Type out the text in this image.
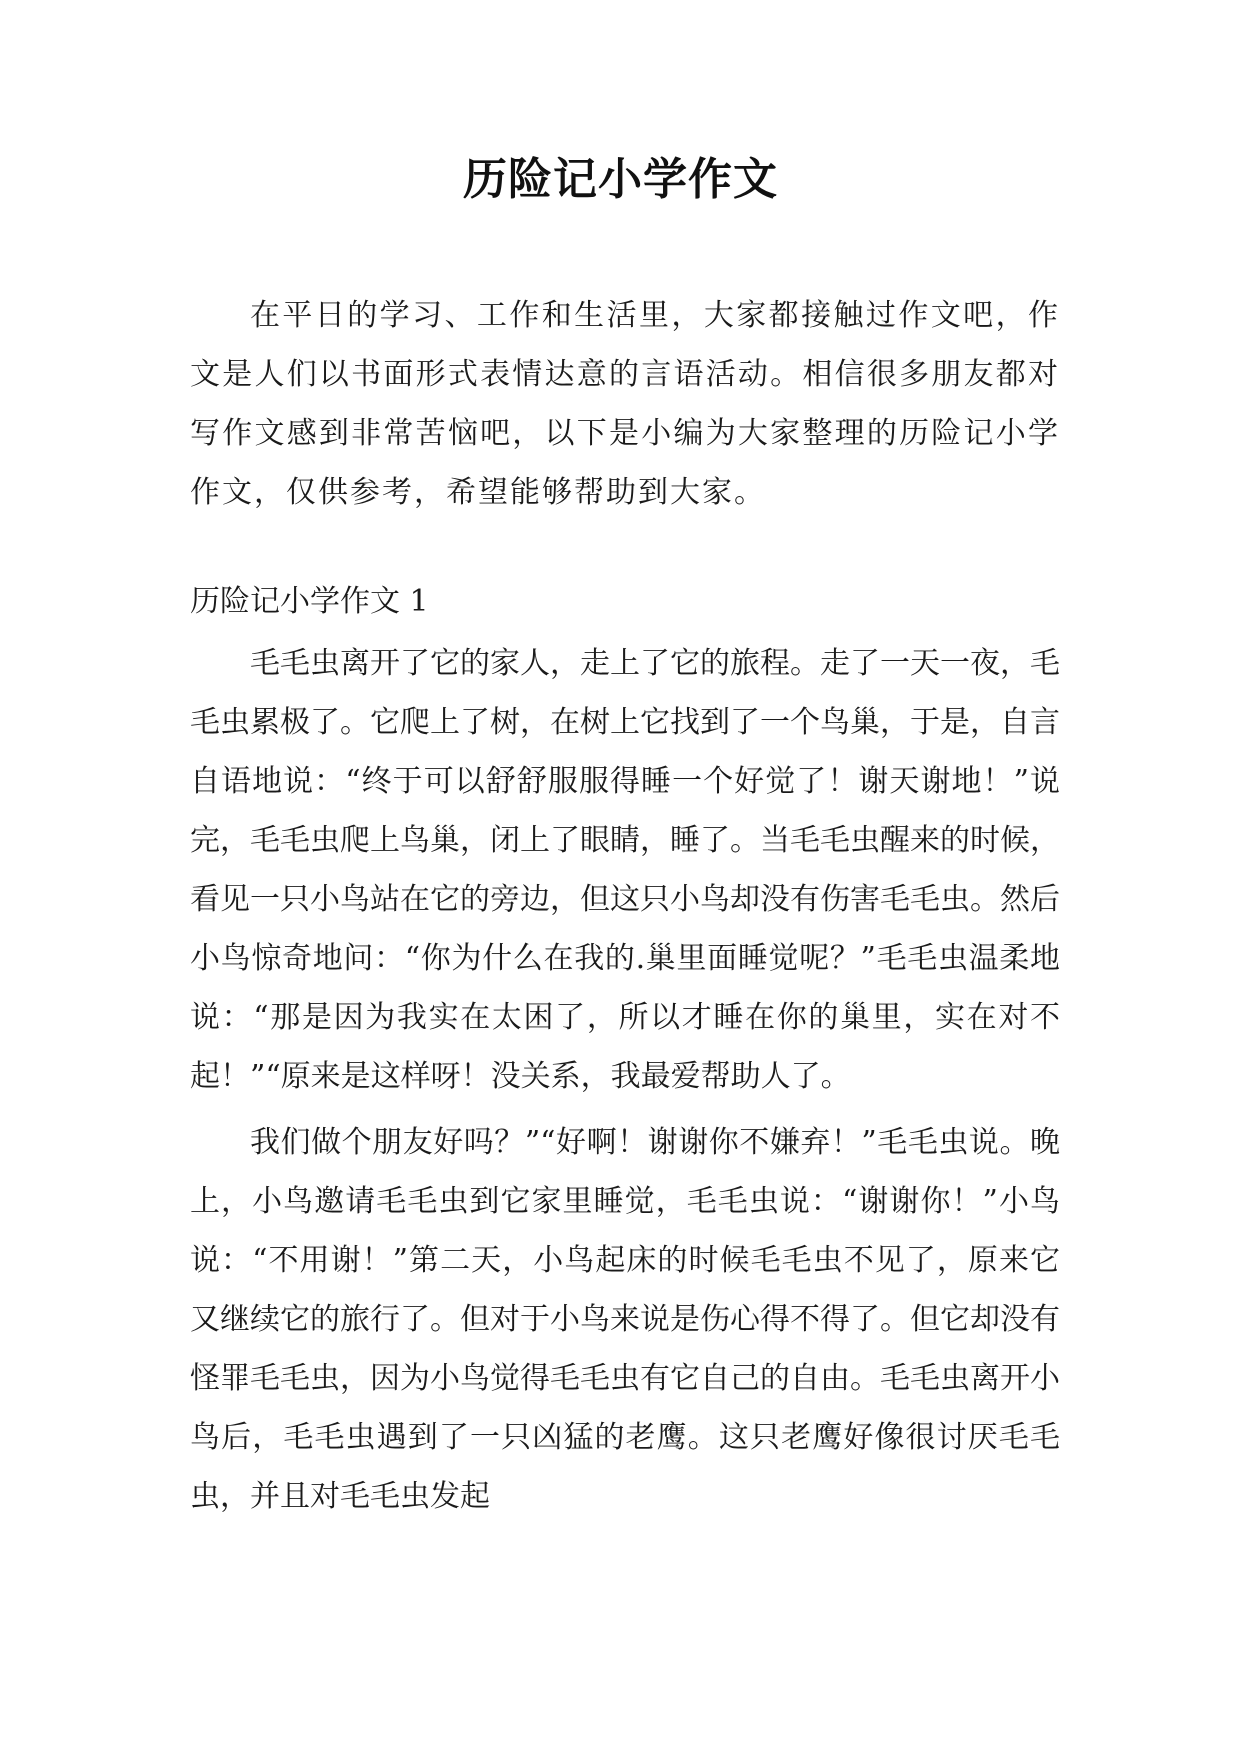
历险记小学作文

在平日的学习、工作和生活里，大家都接触过作文吧，作文是人们以书面形式表情达意的言语活动。相信很多朋友都对写作文感到非常苦恼吧，以下是小编为大家整理的历险记小学作文，仅供参考，希望能够帮助到大家。

历险记小学作文 1

毛毛虫离开了它的家人，走上了它的旅程。走了一天一夜，毛毛虫累极了。它爬上了树，在树上它找到了一个鸟巢，于是，自言自语地说：“终于可以舒舒服服得睡一个好觉了！谢天谢地！”说完，毛毛虫爬上鸟巢，闭上了眼睛，睡了。当毛毛虫醒来的时候，看见一只小鸟站在它的旁边，但这只小鸟却没有伤害毛毛虫。然后小鸟惊奇地问：“你为什么在我的.巢里面睡觉呢？”毛毛虫温柔地说：“那是因为我实在太困了，所以才睡在你的巢里，实在对不起！”“原来是这样呀！没关系，我最爱帮助人了。

我们做个朋友好吗？”“好啊！谢谢你不嫌弃！”毛毛虫说。晚上，小鸟邀请毛毛虫到它家里睡觉，毛毛虫说：“谢谢你！”小鸟说：“不用谢！”第二天，小鸟起床的时候毛毛虫不见了，原来它又继续它的旅行了。但对于小鸟来说是伤心得不得了。但它却没有怪罪毛毛虫，因为小鸟觉得毛毛虫有它自己的自由。毛毛虫离开小鸟后，毛毛虫遇到了一只凶猛的老鹰。这只老鹰好像很讨厌毛毛虫，并且对毛毛虫发起
